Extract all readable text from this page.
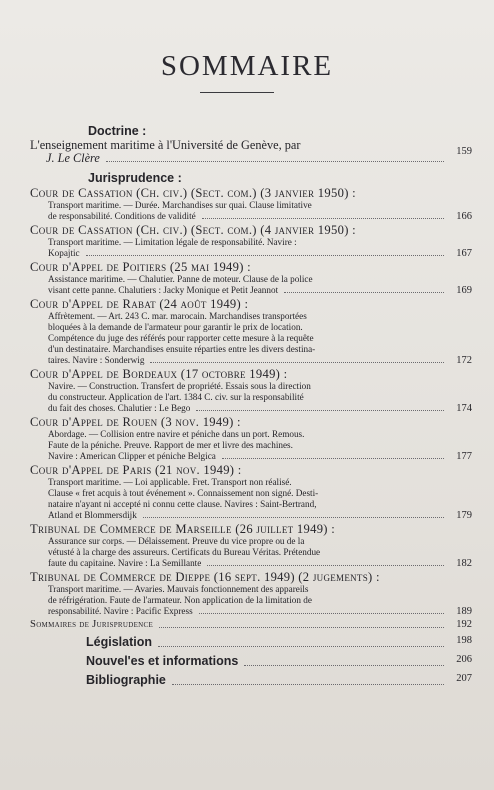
SOMMAIRE
Doctrine :
L'enseignement maritime à l'Université de Genève, par
J. Le Clère	159
Jurisprudence :
Cour de Cassation (Ch. civ.) (Sect. com.) (3 janvier 1950) :

Transport maritime. — Durée. Marchandises sur quai. Clause limitative

de responsabilité. Conditions de validité	166
Cour de Cassation (Ch. civ.) (Sect. com.) (4 janvier 1950) :

Transport maritime. — Limitation légale de responsabilité. Navire :

Kopajtic	167
Cour d'Appel de Poitiers (25 mai 1949) :

Assistance maritime. — Chalutier. Panne de moteur. Clause de la police

visant cette panne. Chalutiers : Jacky Monique et Petit Jeannot	169
Cour d'Appel de Rabat (24 août 1949) :

Affrètement. — Art. 243 C. mar. marocain. Marchandises transportées

bloquées à la demande de l'armateur pour garantir le prix de location.

Compétence du juge des référés pour rapporter cette mesure à la requête

d'un destinataire. Marchandises ensuite réparties entre les divers destina-

taires. Navire : Sonderwig	172
Cour d'Appel de Bordeaux (17 octobre 1949) :

Navire. — Construction. Transfert de propriété. Essais sous la direction

du constructeur. Application de l'art. 1384 C. civ. sur la responsabilité

du fait des choses. Chalutier : Le Bego	174
Cour d'Appel de Rouen (3 nov. 1949) :

Abordage. — Collision entre navire et péniche dans un port. Remous.

Faute de la péniche. Preuve. Rapport de mer et livre des machines.

Navire : American Clipper et péniche Belgica	177
Cour d'Appel de Paris (21 nov. 1949) :

Transport maritime. — Loi applicable. Fret. Transport non réalisé.

Clause « fret acquis à tout événement ». Connaissement non signé. Desti-

nataire n'ayant ni accepté ni connu cette clause. Navires : Saint-Bertrand,

Atland et Blommersdijk	179
Tribunal de Commerce de Marseille (26 juillet 1949) :

Assurance sur corps. — Délaissement. Preuve du vice propre ou de la

vétusté à la charge des assureurs. Certificats du Bureau Véritas. Prétendue

faute du capitaine. Navire : La Semillante	182
Tribunal de Commerce de Dieppe (16 sept. 1949) (2 jugements) :

Transport maritime. — Avaries. Mauvais fonctionnement des appareils

de réfrigération. Faute de l'armateur. Non application de la limitation de

responsabilité. Navire : Pacific Express	189
Sommaires de Jurisprudence	192
Législation	198
Nouvel'es et informations	206
Bibliographie	207
